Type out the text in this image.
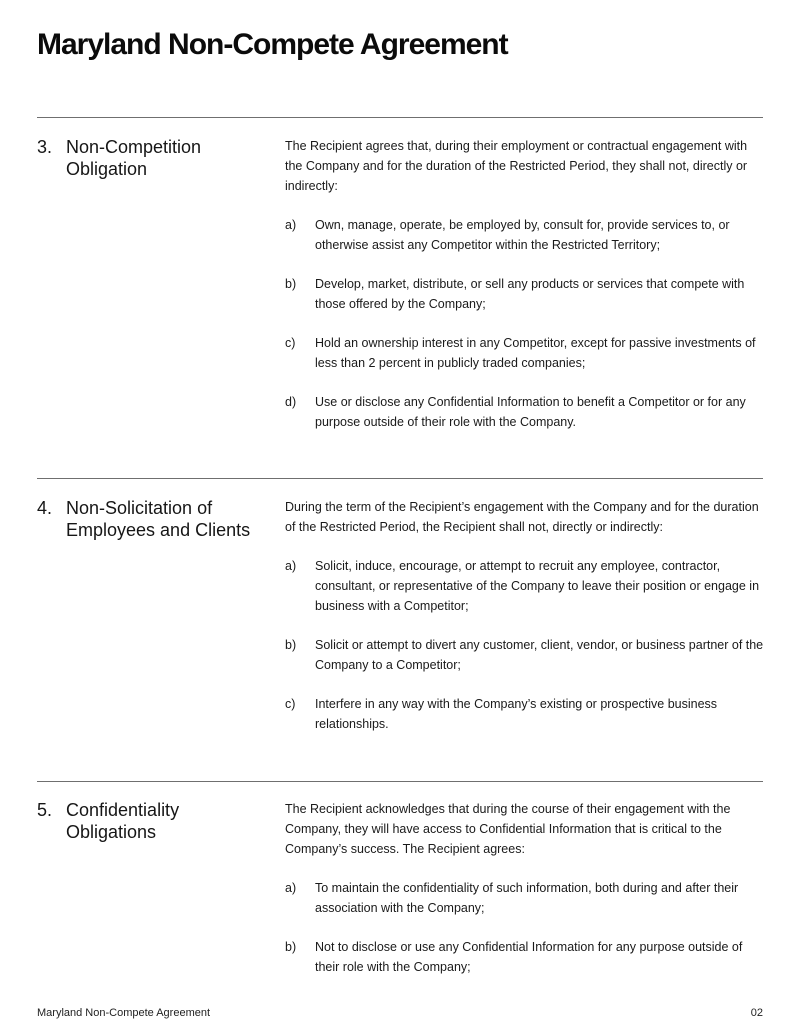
Maryland Non-Compete Agreement
3. Non-Competition Obligation

The Recipient agrees that, during their employment or contractual engagement with the Company and for the duration of the Restricted Period, they shall not, directly or indirectly:

a) Own, manage, operate, be employed by, consult for, provide services to, or otherwise assist any Competitor within the Restricted Territory;
b) Develop, market, distribute, or sell any products or services that compete with those offered by the Company;
c) Hold an ownership interest in any Competitor, except for passive investments of less than 2 percent in publicly traded companies;
d) Use or disclose any Confidential Information to benefit a Competitor or for any purpose outside of their role with the Company.
4. Non-Solicitation of Employees and Clients

During the term of the Recipient’s engagement with the Company and for the duration of the Restricted Period, the Recipient shall not, directly or indirectly:

a) Solicit, induce, encourage, or attempt to recruit any employee, contractor, consultant, or representative of the Company to leave their position or engage in business with a Competitor;
b) Solicit or attempt to divert any customer, client, vendor, or business partner of the Company to a Competitor;
c) Interfere in any way with the Company’s existing or prospective business relationships.
5. Confidentiality Obligations

The Recipient acknowledges that during the course of their engagement with the Company, they will have access to Confidential Information that is critical to the Company’s success. The Recipient agrees:

a) To maintain the confidentiality of such information, both during and after their association with the Company;
b) Not to disclose or use any Confidential Information for any purpose outside of their role with the Company;
Maryland Non-Compete Agreement	02
